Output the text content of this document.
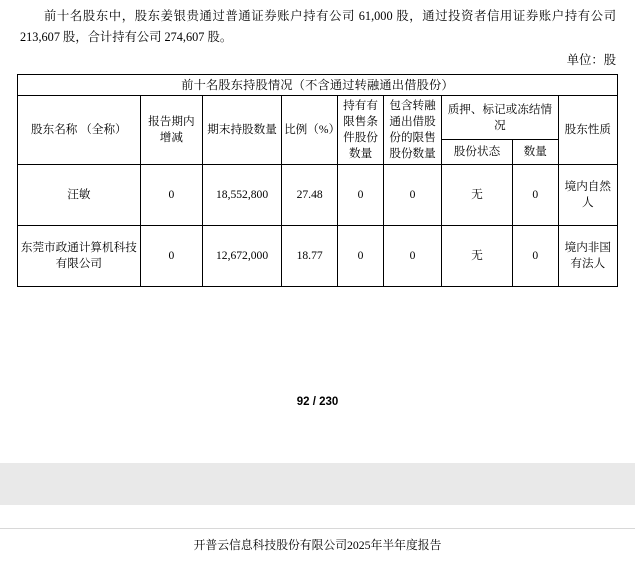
前十名股东中，股东姜银贵通过普通证券账户持有公司 61,000 股，通过投资者信用证券账户持有公司 213,607 股，合计持有公司 274,607 股。
单位：股
前十名股东持股情况（不含通过转融通出借股份）								
股东名称 （全称）	报告期内增减	期末持股数量	比例（%）	持有有限售条件股份数量	包含转融通出借股份的限售股份数量	质押、标记或冻结情况		股东性质
						股份状态	数量	
汪敏	0	18,552,800	27.48	0	0	无	0	境内自然人
东莞市政通计算机科技有限公司	0	12,672,000	18.77	0	0	无	0	境内非国有法人
92 / 230
开普云信息科技股份有限公司2025年半年度报告
